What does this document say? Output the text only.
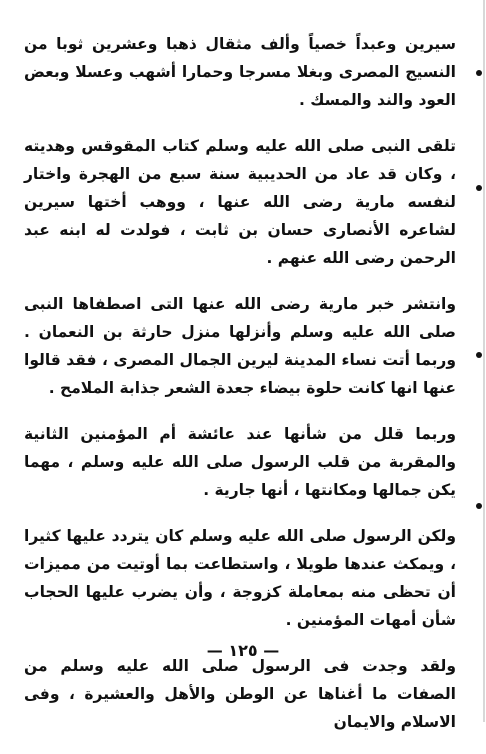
سيرين وعبداً خصياً وألف مثقال ذهبا وعشرين ثوبا من النسيج المصرى وبغلا مسرجا وحمارا أشهب وعسلا وبعض العود والند والمسك .

تلقى النبى صلى الله عليه وسلم كتاب المقوقس وهديته ، وكان قد عاد من الحديبية سنة سبع من الهجرة واختار لنفسه مارية رضى الله عنها ، ووهب أختها سيرين لشاعره الأنصارى حسان بن ثابت ، فولدت له ابنه عبد الرحمن رضى الله عنهم .

وانتشر خبر مارية رضى الله عنها التى اصطفاها النبى صلى الله عليه وسلم وأنزلها منزل حارثة بن النعمان . وربما أتت نساء المدينة ليرين الجمال المصرى ، فقد قالوا عنها انها كانت حلوة بيضاء جعدة الشعر جذابة الملامح .

وربما قلل من شأنها عند عائشة أم المؤمنين الثانية والمقربة من قلب الرسول صلى الله عليه وسلم ، مهما يكن جمالها ومكانتها ، أنها جارية .

ولكن الرسول صلى الله عليه وسلم كان يتردد عليها كثيرا ، ويمكث عندها طويلا ، واستطاعت بما أوتيت من مميزات أن تحظى منه بمعاملة كزوجة ، وأن يضرب عليها الحجاب شأن أمهات المؤمنين .

ولقد وجدت فى الرسول صلى الله عليه وسلم من الصفات ما أغناها عن الوطن والأهل والعشيرة ، وفى الاسلام والايمان

— ١٢٥ —
